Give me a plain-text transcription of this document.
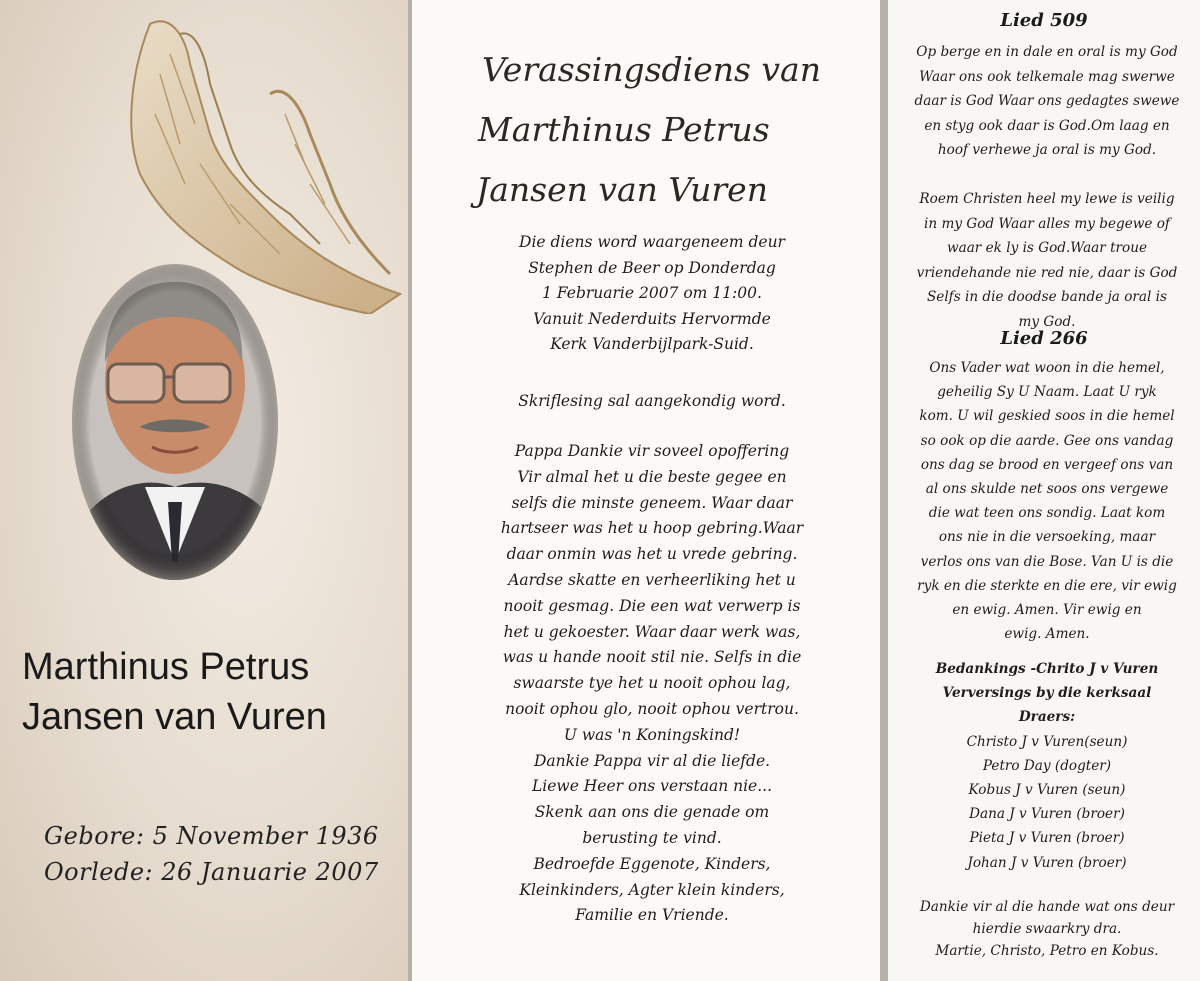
Marthinus Petrus
Jansen van Vuren
Gebore: 5 November 1936
Oorlede: 26 Januarie 2007
Verassingsdiens van
Marthinus Petrus
Jansen van Vuren
Die diens word waargeneem deur
Stephen de Beer op Donderdag
1 Februarie 2007 om 11:00.
Vanuit Nederduits Hervormde
Kerk Vanderbijlpark-Suid.
Skriflesing sal aangekondig word.
Pappa Dankie vir soveel opoffering
Vir almal het u die beste gegee en
selfs die minste geneem. Waar daar
hartseer was het u hoop gebring.Waar
daar onmin was het u vrede gebring.
Aardse skatte en verheerliking het u
nooit gesmag. Die een wat verwerp is
het u gekoester. Waar daar werk was,
was u hande nooit stil nie. Selfs in die
swaarste tye het u nooit ophou lag,
nooit ophou glo, nooit ophou vertrou.
U was 'n Koningskind!
Dankie Pappa vir al die liefde.
Liewe Heer ons verstaan nie...
Skenk aan ons die genade om
berusting te vind.
Bedroefde Eggenote, Kinders,
Kleinkinders, Agter klein kinders,
Familie en Vriende.
Lied 509
Op berge en in dale en oral is my God
Waar ons ook telkemale mag swerwe
daar is God Waar ons gedagtes swewe
en styg ook daar is God.Om laag en
hoof verhewe ja oral is my God.
Roem Christen heel my lewe is veilig
in my God Waar alles my begewe of
waar ek ly is God.Waar troue
vriendehande nie red nie, daar is God
Selfs in die doodse bande ja oral is
my God.
Lied 266
Ons Vader wat woon in die hemel,
geheilig Sy U Naam. Laat U ryk
kom. U wil geskied soos in die hemel
so ook op die aarde. Gee ons vandag
ons dag se brood en vergeef ons van
al ons skulde net soos ons vergewe
die wat teen ons sondig. Laat kom
ons nie in die versoeking, maar
verlos ons van die Bose. Van U is die
ryk en die sterkte en die ere, vir ewig
en ewig. Amen. Vir ewig en
ewig. Amen.
Bedankings -Chrito J v Vuren
Verversings by die kerksaal
Draers:
Christo J v Vuren(seun)
Petro Day (dogter)
Kobus J v Vuren (seun)
Dana J v Vuren (broer)
Pieta J v Vuren (broer)
Johan J v Vuren (broer)
Dankie vir al die hande wat ons deur
hierdie swaarkry dra.
Martie, Christo, Petro en Kobus.
